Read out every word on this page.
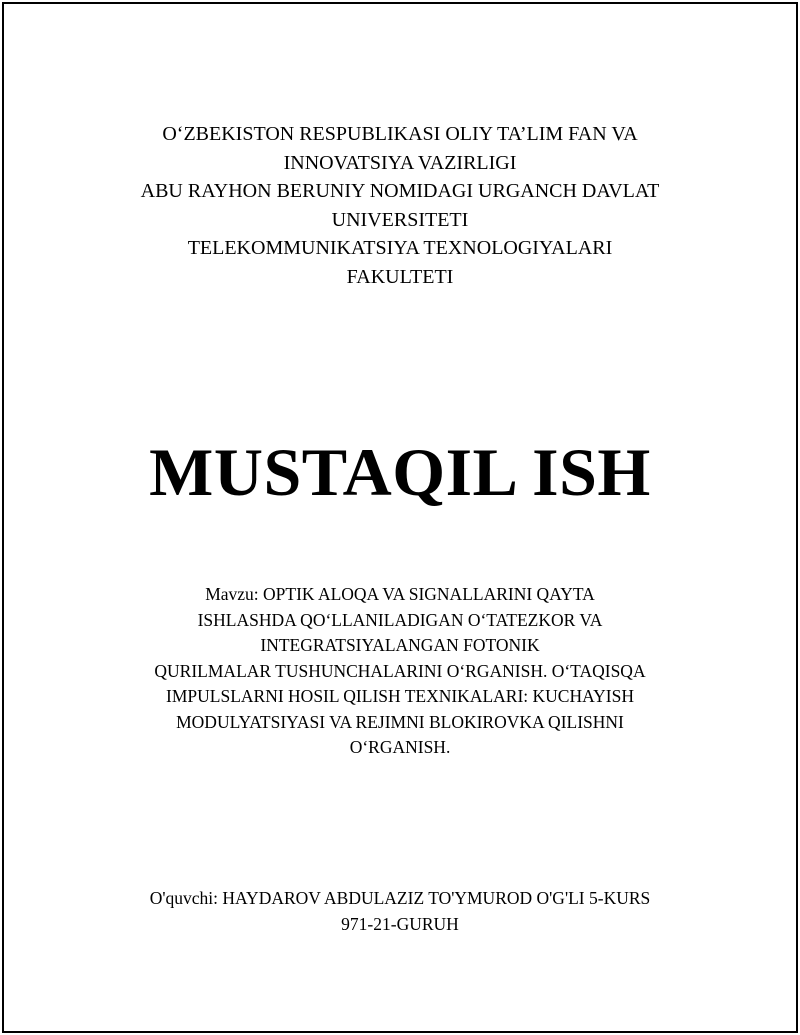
O‘ZBEKISTON RESPUBLIKASI OLIY TA’LIM FAN VA
INNOVATSIYA VAZIRLIGI
ABU RAYHON BERUNIY NOMIDAGI URGANCH DAVLAT
UNIVERSITETI
TELEKOMMUNIKATSIYA TEXNOLOGIYALARI
FAKULTETI
MUSTAQIL ISH
Mavzu: OPTIK ALOQA VA SIGNALLARINI QAYTA
ISHLASHDA QO‘LLANILADIGAN O‘TATEZKOR VA
INTEGRATSIYALANGAN FOTONIK
QURILMALAR TUSHUNCHALARINI O‘RGANISH. O‘TAQISQA
IMPULSLARNI HOSIL QILISH TEXNIKALARI: KUCHAYISH
MODULYATSIYASI VA REJIMNI BLOKIROVKA QILISHNI
O‘RGANISH.
O'quvchi: HAYDAROV ABDULAZIZ TO'YMUROD O'G'LI 5-KURS
971-21-GURUH
